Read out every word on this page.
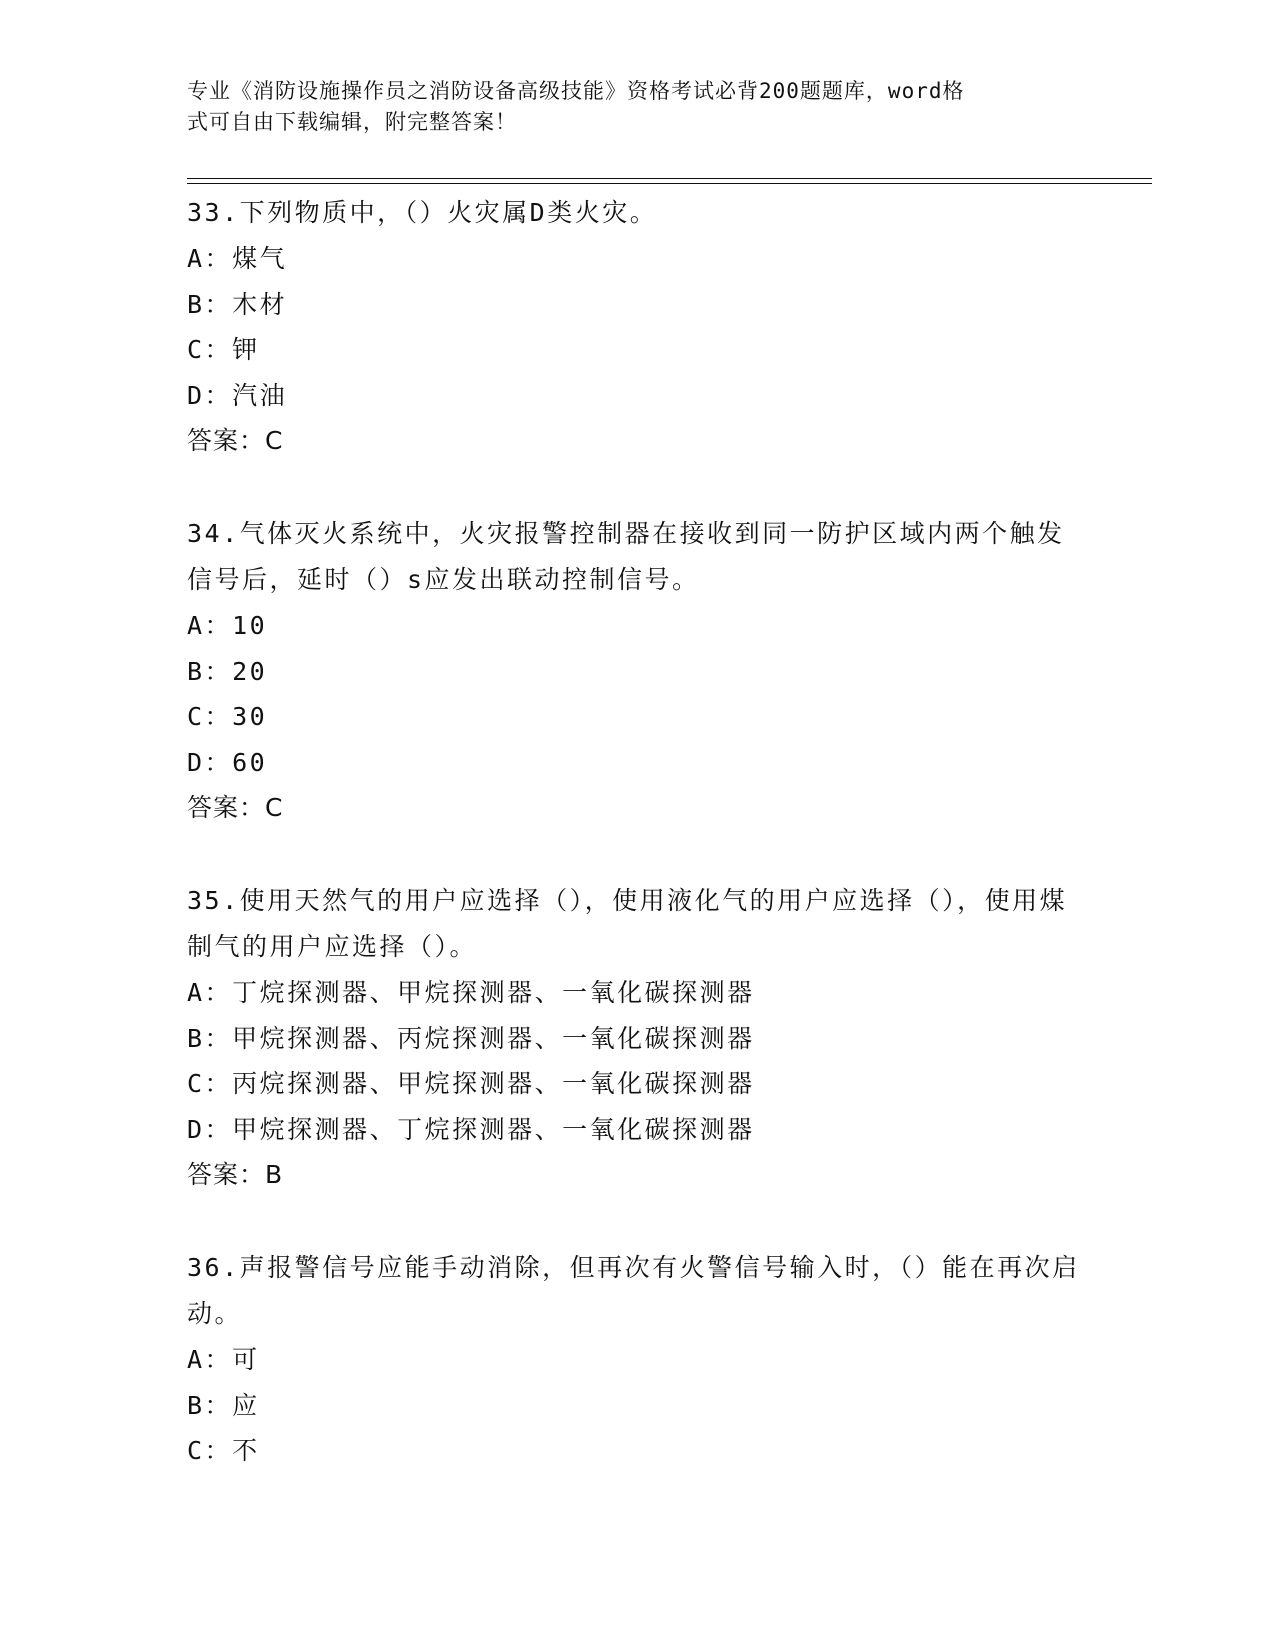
专业《消防设施操作员之消防设备高级技能》资格考试必背200题题库，word格
式可自由下载编辑，附完整答案！
33.下列物质中，（）火灾属D类火灾。
A：煤气
B：木材
C：钾
D：汽油
答案：C
34.气体灭火系统中，火灾报警控制器在接收到同一防护区域内两个触发信号后，延时（）s应发出联动控制信号。
A：10
B：20
C：30
D：60
答案：C
35.使用天然气的用户应选择（），使用液化气的用户应选择（），使用煤制气的用户应选择（）。
A：丁烷探测器、甲烷探测器、一氧化碳探测器
B：甲烷探测器、丙烷探测器、一氧化碳探测器
C：丙烷探测器、甲烷探测器、一氧化碳探测器
D：甲烷探测器、丁烷探测器、一氧化碳探测器
答案：B
36.声报警信号应能手动消除，但再次有火警信号输入时，（）能在再次启动。
A：可
B：应
C：不
